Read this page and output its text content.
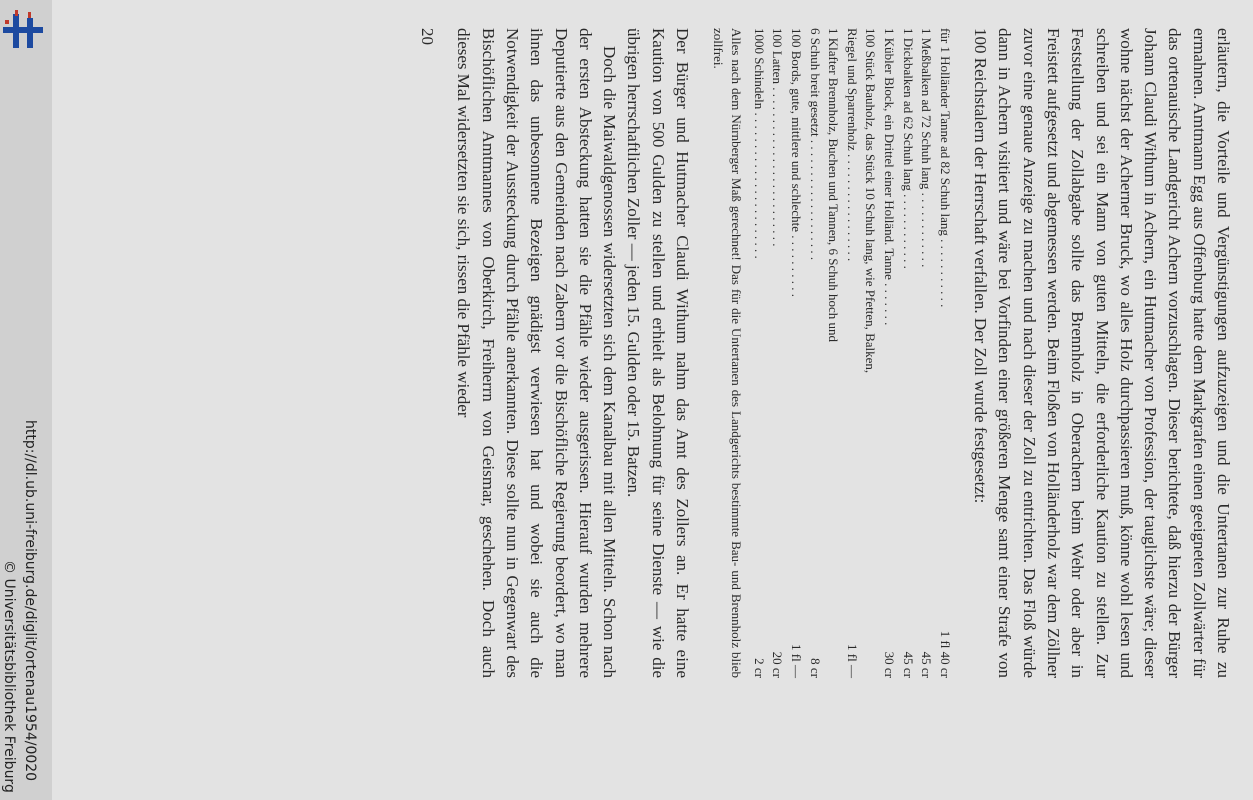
http://dl.ub.uni-freiburg.de/diglit/ortenau1954/0020
© Universitätsbibliothek Freiburg	erläutern, die Vorteile und Vergünstigungen aufzuzeigen und die Untertanen zur Ruhe zu ermahnen. Amtmann Egg aus Offenburg hatte dem Markgrafen einen geeigneten Zollwärter für das ortenauische Landgericht Achern vorzuschlagen. Dieser berichtete, daß hierzu der Bürger Johann Claudi Withum in Achern, ein Hutmacher von Profession, der tauglichste wäre; dieser wohne nächst der Acherner Bruck, wo alles Holz durchpassieren muß, könne wohl lesen und schreiben und sei ein Mann von guten Mitteln, die erforderliche Kaution zu stellen. Zur Feststellung der Zollabgabe sollte das Brennholz in Oberachern beim Wehr oder aber in Freistett aufgesetzt und abgemessen werden. Beim Floßen von Holländerholz war dem Zöllner zuvor eine genaue Anzeige zu machen und nach dieser der Zoll zu entrichten. Das Floß würde dann in Achern visitiert und wäre bei Vorfinden einer größeren Menge samt einer Strafe von 100 Reichstalern der Herrschaft verfallen. Der Zoll wurde festgesetzt:

für 1 Holländer Tanne ad 82 Schuh lang . . . . . . . . . . .
1 fl 40 cr
1 Meßbalken ad 72 Schuh lang . . . . . . . . . . . .
45 cr
1 Dickbalken ad 62 Schuh lang . . . . . . . . . . . .
45 cr
1 Kübler Block, ein Drittel einer Holländ. Tanne . . . . . . .
30 cr
100 Stück Bauholz, das Stück 10 Schuh lang, wie Pfetten, Balken,
Riegel und Sparrenholz . . . . . . . . . . . . . . . . .
1 fl —
1 Klafter Brennholz, Buchen und Tannen, 6 Schuh hoch und
6 Schuh breit gesetzt . . . . . . . . . . . . . . . . . . .
8 cr
100 Bords, gute, mittlere und schlechte . . . . . . . . . .
1 fl —
100 Latten . . . . . . . . . . . . . . . . . . . . . . . . .
20 cr
1000 Schindeln . . . . . . . . . . . . . . . . . . . . . . .
2 cr

Alles nach dem Nürnberger Maß gerechnet! Das für die Untertanen des Landgerichts bestimmte Bau- und Brennholz blieb zollfrei.

Der Bürger und Hutmacher Claudi Withum nahm das Amt des Zollers an. Er hatte eine Kaution von 500 Gulden zu stellen und erhielt als Belohnung für seine Dienste — wie die übrigen herrschaftlichen Zoller — jeden 15. Gulden oder 15. Batzen.

Doch die Maiwaldgenossen widersetzten sich dem Kanalbau mit allen Mitteln. Schon nach der ersten Absteckung hatten sie die Pfähle wieder ausgerissen. Hierauf wurden mehrere Deputierte aus den Gemeinden nach Zabern vor die Bischöfliche Regierung beordert, wo man ihnen das unbesonnene Bezeigen gnädigst verwiesen hat und wobei sie auch die Notwendigkeit der Aussteckung durch Pfähle anerkannten. Diese sollte nun in Gegenwart des Bischöflichen Amtmannes von Oberkirch, Freiherrn von Geismar, geschehen. Doch auch dieses Mal widersetzten sie sich, rissen die Pfähle wieder

20
